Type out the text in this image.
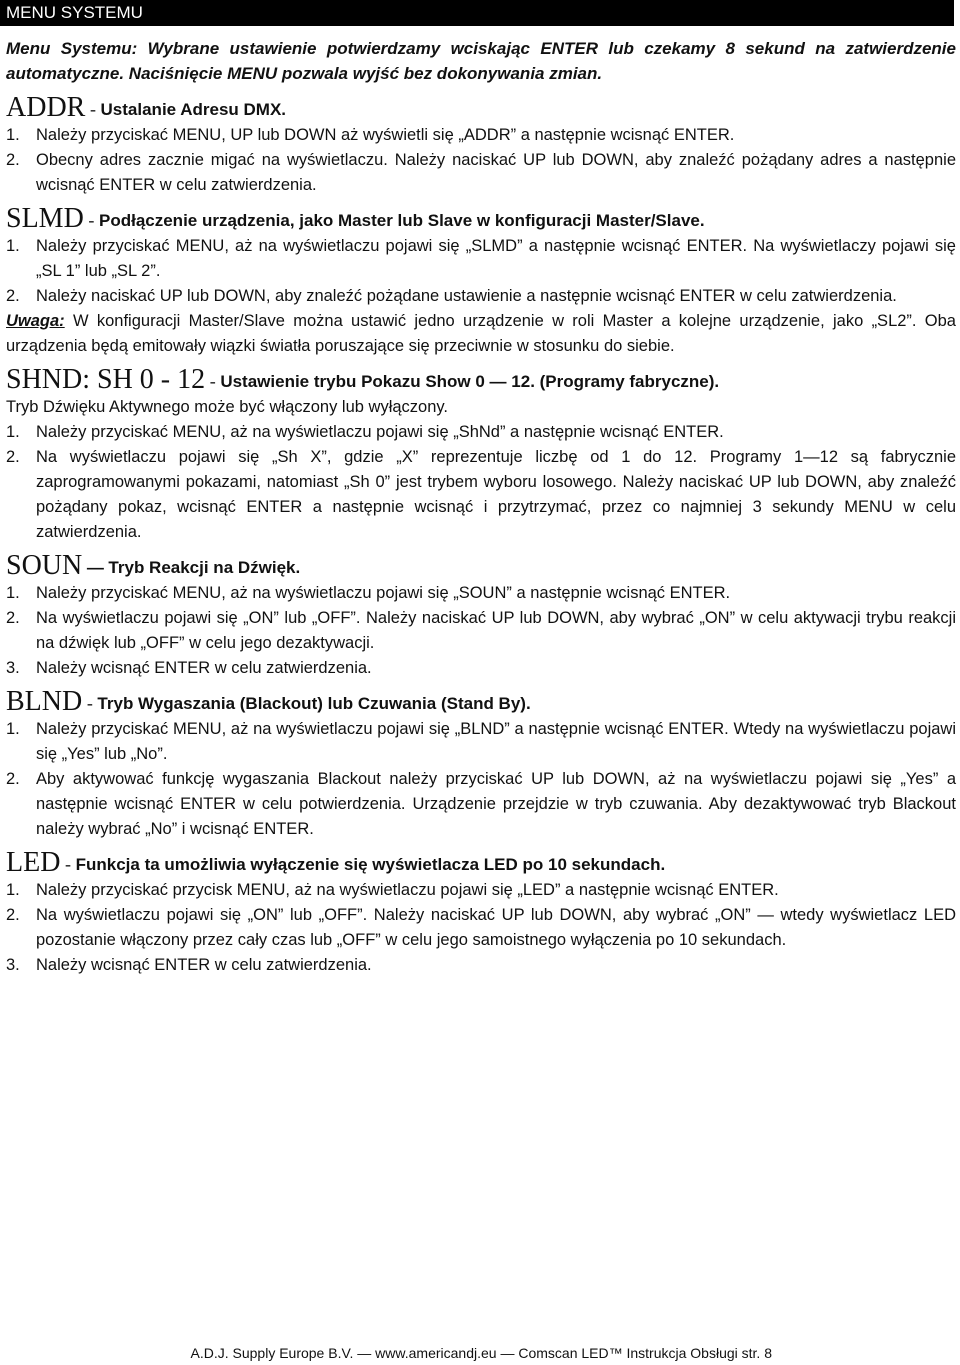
MENU SYSTEMU

Menu Systemu: Wybrane ustawienie potwierdzamy wciskając ENTER lub czekamy 8 sekund na zatwierdzenie automatyczne. Naciśnięcie MENU pozwala wyjść bez dokonywania zmian.

ADDR - Ustalanie Adresu DMX.

1. Należy przyciskać MENU, UP lub DOWN aż wyświetli się „ADDR” a następnie wcisnąć ENTER.
2. Obecny adres zacznie migać na wyświetlaczu. Należy naciskać UP lub DOWN, aby znaleźć pożądany adres a następnie wcisnąć ENTER w celu zatwierdzenia.

SLMD - Podłączenie urządzenia, jako Master lub Slave w konfiguracji Master/Slave.

1. Należy przyciskać MENU, aż na wyświetlaczu pojawi się „SLMD” a następnie wcisnąć ENTER. Na wyświetlaczy pojawi się „SL 1” lub „SL 2”.
2. Należy naciskać UP lub DOWN, aby znaleźć pożądane ustawienie a następnie wcisnąć ENTER w celu zatwierdzenia.

Uwaga: W konfiguracji Master/Slave można ustawić jedno urządzenie w roli Master a kolejne urządzenie, jako „SL2”. Oba urządzenia będą emitowały wiązki światła poruszające się przeciwnie w stosunku do siebie.

SHND: SH 0 - 12 - Ustawienie trybu Pokazu Show 0 — 12. (Programy fabryczne).

Tryb Dźwięku Aktywnego może być włączony lub wyłączony.

1. Należy przyciskać MENU, aż na wyświetlaczu pojawi się „ShNd” a następnie wcisnąć ENTER.
2. Na wyświetlaczu pojawi się „Sh X”, gdzie „X” reprezentuje liczbę od 1 do 12. Programy 1—12 są fabrycznie zaprogramowanymi pokazami, natomiast „Sh 0” jest trybem wyboru losowego. Należy naciskać UP lub DOWN, aby znaleźć pożądany pokaz, wcisnąć ENTER a następnie wcisnąć i przytrzymać, przez co najmniej 3 sekundy MENU w celu zatwierdzenia.

SOUN — Tryb Reakcji na Dźwięk.

1. Należy przyciskać MENU, aż na wyświetlaczu pojawi się „SOUN” a następnie wcisnąć ENTER.
2. Na wyświetlaczu pojawi się „ON” lub „OFF”. Należy naciskać UP lub DOWN, aby wybrać „ON” w celu aktywacji trybu reakcji na dźwięk lub „OFF” w celu jego dezaktywacji.
3. Należy wcisnąć ENTER w celu zatwierdzenia.

BLND - Tryb Wygaszania (Blackout) lub Czuwania (Stand By).

1. Należy przyciskać MENU, aż na wyświetlaczu pojawi się „BLND” a następnie wcisnąć ENTER. Wtedy na wyświetlaczu pojawi się „Yes” lub „No”.
2. Aby aktywować funkcję wygaszania Blackout należy przyciskać UP lub DOWN, aż na wyświetlaczu pojawi się „Yes” a następnie wcisnąć ENTER w celu potwierdzenia. Urządzenie przejdzie w tryb czuwania. Aby dezaktywować tryb Blackout należy wybrać „No” i wcisnąć ENTER.

LED - Funkcja ta umożliwia wyłączenie się wyświetlacza LED po 10 sekundach.

1. Należy przyciskać przycisk MENU, aż na wyświetlaczu pojawi się „LED” a następnie wcisnąć ENTER.
2. Na wyświetlaczu pojawi się „ON” lub „OFF”. Należy naciskać UP lub DOWN, aby wybrać „ON” — wtedy wyświetlacz LED pozostanie włączony przez cały czas lub „OFF” w celu jego samoistnego wyłączenia po 10 sekundach.
3. Należy wcisnąć ENTER w celu zatwierdzenia.
A.D.J. Supply Europe B.V. — www.americandj.eu — Comscan LED™ Instrukcja Obsługi str. 8
